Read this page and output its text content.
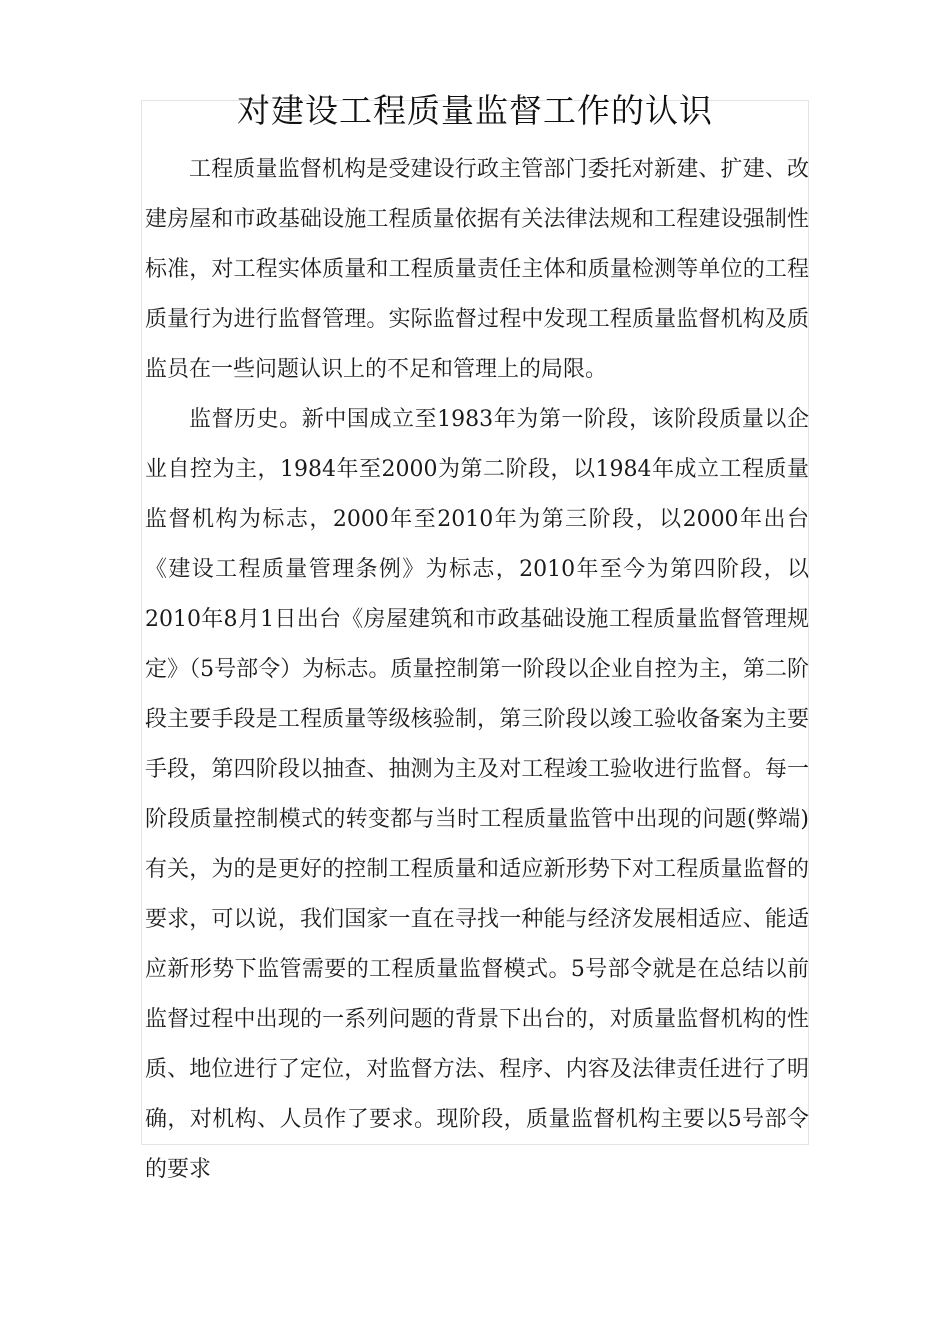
对建设工程质量监督工作的认识

工程质量监督机构是受建设行政主管部门委托对新建、扩建、改建房屋和市政基础设施工程质量依据有关法律法规和工程建设强制性标准，对工程实体质量和工程质量责任主体和质量检测等单位的工程质量行为进行监督管理。实际监督过程中发现工程质量监督机构及质监员在一些问题认识上的不足和管理上的局限。

监督历史。新中国成立至1983年为第一阶段，该阶段质量以企业自控为主，1984年至2000为第二阶段，以1984年成立工程质量监督机构为标志，2000年至2010年为第三阶段，以2000年出台《建设工程质量管理条例》为标志，2010年至今为第四阶段，以2010年8月1日出台《房屋建筑和市政基础设施工程质量监督管理规定》（5号部令）为标志。质量控制第一阶段以企业自控为主，第二阶段主要手段是工程质量等级核验制，第三阶段以竣工验收备案为主要手段，第四阶段以抽查、抽测为主及对工程竣工验收进行监督。每一阶段质量控制模式的转变都与当时工程质量监管中出现的问题(弊端)有关，为的是更好的控制工程质量和适应新形势下对工程质量监督的要求，可以说，我们国家一直在寻找一种能与经济发展相适应、能适应新形势下监管需要的工程质量监督模式。5号部令就是在总结以前监督过程中出现的一系列问题的背景下出台的，对质量监督机构的性质、地位进行了定位，对监督方法、程序、内容及法律责任进行了明确，对机构、人员作了要求。现阶段，质量监督机构主要以5号部令的要求
